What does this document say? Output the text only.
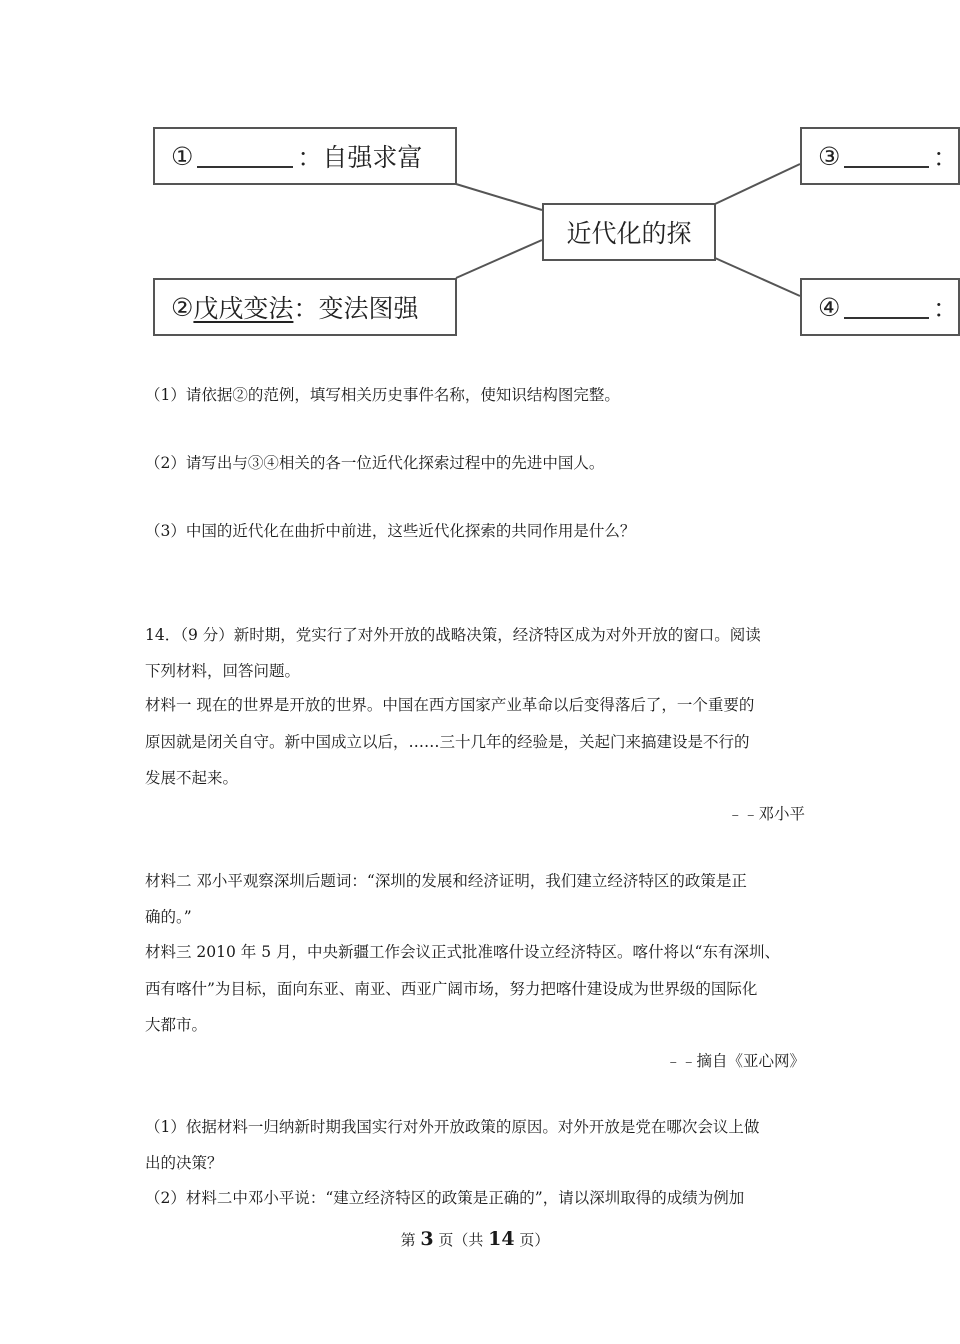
①	：自强求富
② 戊戌变法 ：变法图强
近代化的探
③	：
④	：
（1）请依据②的范例，填写相关历史事件名称，使知识结构图完整。
（2）请写出与③④相关的各一位近代化探索过程中的先进中国人。
（3）中国的近代化在曲折中前进，这些近代化探索的共同作用是什么？
14．（9 分）新时期，党实行了对外开放的战略决策，经济特区成为对外开放的窗口。阅读
下列材料，回答问题。
材料一 现在的世界是开放的世界。中国在西方国家产业革命以后变得落后了，一个重要的
原因就是闭关自守。新中国成立以后，……三十几年的经验是，关起门来搞建设是不行的
发展不起来。
﹣﹣邓小平
材料二 邓小平观察深圳后题词：“深圳的发展和经济证明，我们建立经济特区的政策是正
确的。”
材料三 2010 年 5 月，中央新疆工作会议正式批准喀什设立经济特区。喀什将以“东有深圳、
西有喀什”为目标，面向东亚、南亚、西亚广阔市场，努力把喀什建设成为世界级的国际化
大都市。
﹣﹣摘自《亚心网》
（1）依据材料一归纳新时期我国实行对外开放政策的原因。对外开放是党在哪次会议上做
出的决策？
（2）材料二中邓小平说：“建立经济特区的政策是正确的”，请以深圳取得的成绩为例加
第 3 页（共 14 页）
